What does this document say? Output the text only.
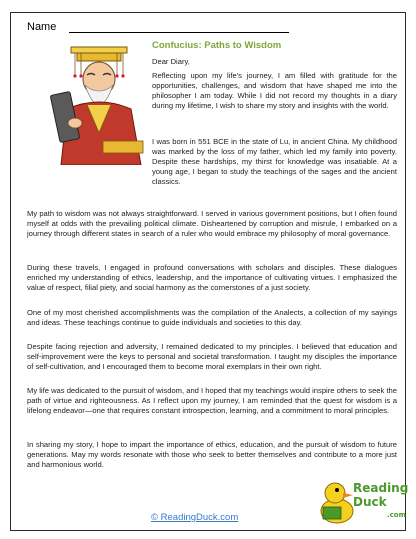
Name
Confucius: Paths to Wisdom
Dear Diary,

Reflecting upon my life's journey, I am filled with gratitude for the opportunities, challenges, and wisdom that have shaped me into the philosopher I am today. While I did not record my thoughts in a diary during my lifetime, I wish to share my story and insights with the world.

I was born in 551 BCE in the state of Lu, in ancient China. My childhood was marked by the loss of my father, which led my family into poverty. Despite these hardships, my thirst for knowledge was insatiable. At a young age, I began to study the teachings of the sages and the ancient classics.

My path to wisdom was not always straightforward. I served in various government positions, but I often found myself at odds with the prevailing political climate. Disheartened by corruption and misrule, I embarked on a journey through different states in search of a ruler who would embrace my philosophy of moral governance.

During these travels, I engaged in profound conversations with scholars and disciples. These dialogues enriched my understanding of ethics, leadership, and the importance of cultivating virtues. I emphasized the value of respect, filial piety, and social harmony as the cornerstones of a just society.

One of my most cherished accomplishments was the compilation of the Analects, a collection of my sayings and ideas. These teachings continue to guide individuals and societies to this day.

Despite facing rejection and adversity, I remained dedicated to my principles. I believed that education and self-improvement were the keys to personal and societal transformation. I taught my disciples the importance of self-cultivation, and I encouraged them to become moral exemplars in their own right.

My life was dedicated to the pursuit of wisdom, and I hoped that my teachings would inspire others to seek the path of virtue and righteousness. As I reflect upon my journey, I am reminded that the quest for wisdom is a lifelong endeavor—one that requires constant introspection, learning, and a commitment to moral principles.

In sharing my story, I hope to impart the importance of ethics, education, and the pursuit of wisdom to future generations. May my words resonate with those who seek to better themselves and contribute to a more just and harmonious world.

© ReadingDuck.com
Reading
Duck
.com
